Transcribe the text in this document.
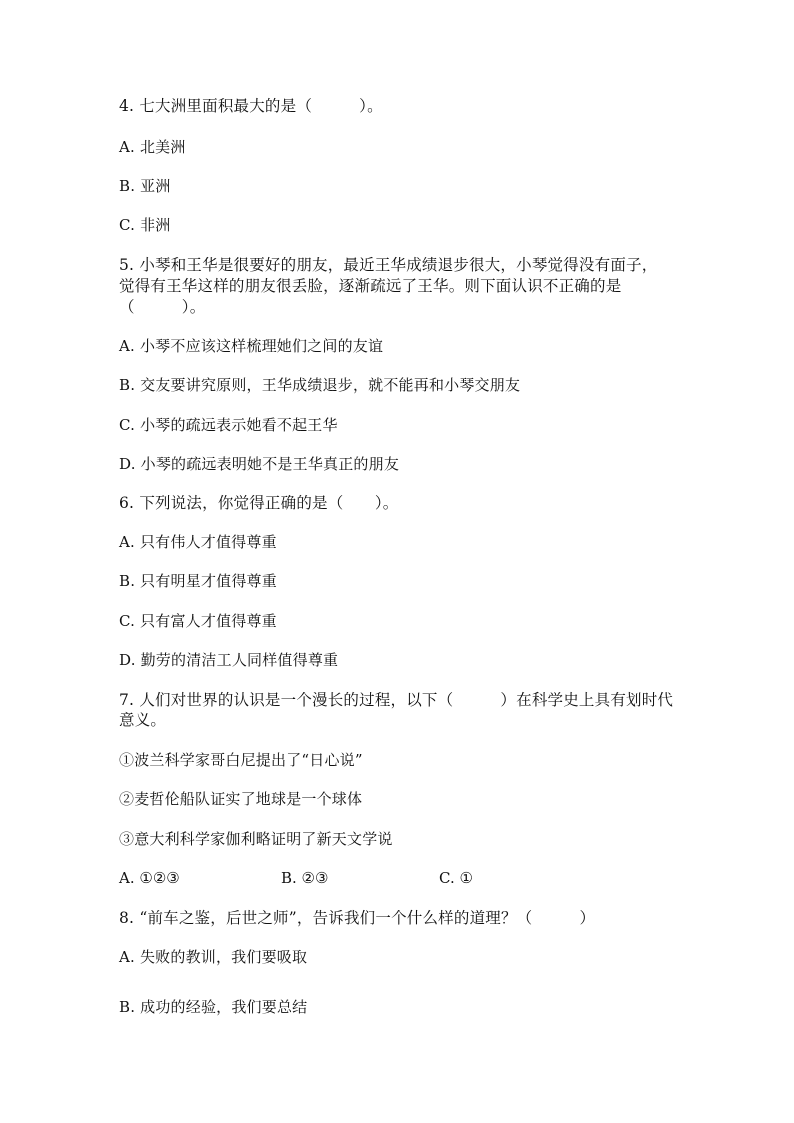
4. 七大洲里面积最大的是（　　　）。
A. 北美洲
B. 亚洲
C. 非洲
5. 小琴和王华是很要好的朋友，最近王华成绩退步很大，小琴觉得没有面子，
觉得有王华这样的朋友很丢脸，逐渐疏远了王华。则下面认识不正确的是
（　　　）。
A. 小琴不应该这样梳理她们之间的友谊
B. 交友要讲究原则，王华成绩退步，就不能再和小琴交朋友
C. 小琴的疏远表示她看不起王华
D. 小琴的疏远表明她不是王华真正的朋友
6. 下列说法，你觉得正确的是（　　）。
A. 只有伟人才值得尊重
B. 只有明星才值得尊重
C. 只有富人才值得尊重
D. 勤劳的清洁工人同样值得尊重
7. 人们对世界的认识是一个漫长的过程，以下（　　　）在科学史上具有划时代
意义。
①波兰科学家哥白尼提出了“日心说”
②麦哲伦船队证实了地球是一个球体
③意大利科学家伽利略证明了新天文学说
A. ①②③	B. ②③	C. ①
8. “前车之鉴，后世之师”，告诉我们一个什么样的道理？（　　　）
A. 失败的教训，我们要吸取
B. 成功的经验，我们要总结
